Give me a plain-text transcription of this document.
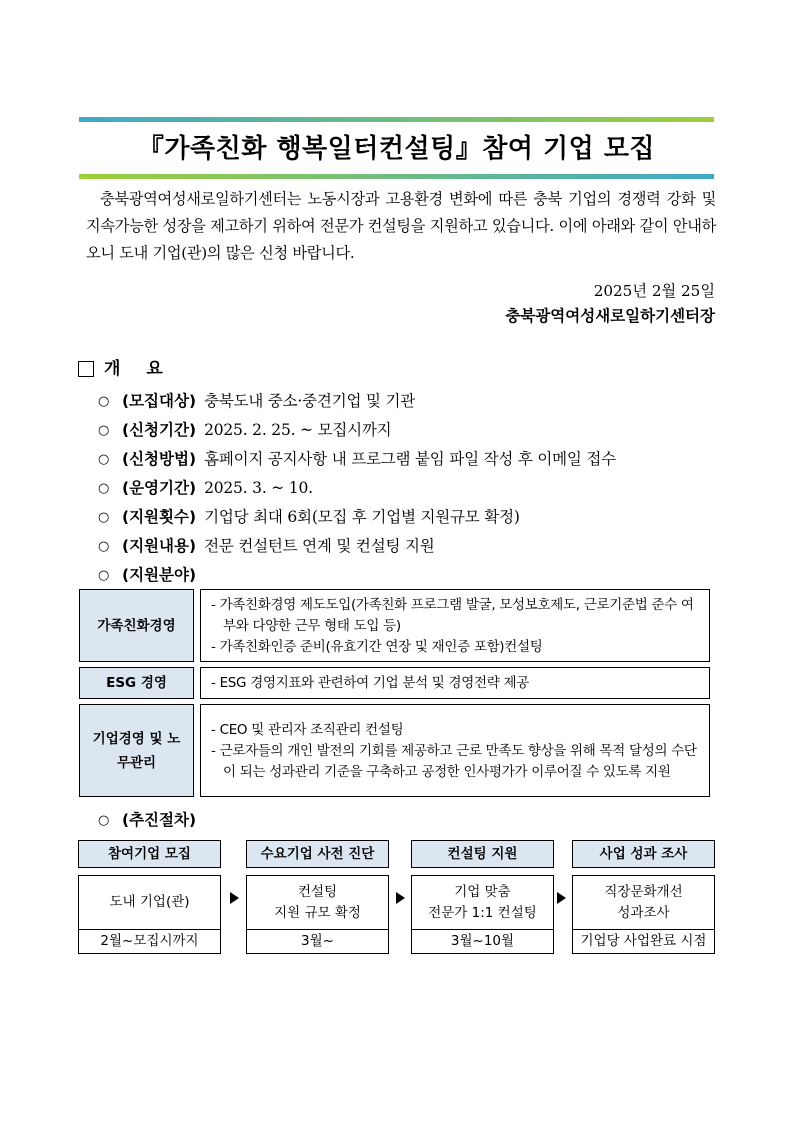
『가족친화 행복일터컨설팅』참여 기업 모집
충북광역여성새로일하기센터는 노동시장과 고용환경 변화에 따른 충북 기업의 경쟁력 강화 및 지속가능한 성장을 제고하기 위하여 전문가 컨설팅을 지원하고 있습니다. 이에 아래와 같이 안내하오니 도내 기업(관)의 많은 신청 바랍니다.
2025년 2월 25일
충북광역여성새로일하기센터장
개요
○ (모집대상) 충북도내 중소·중견기업 및 기관
○ (신청기간) 2025. 2. 25. ~ 모집시까지
○ (신청방법) 홈페이지 공지사항 내 프로그램 붙임 파일 작성 후 이메일 접수
○ (운영기간) 2025. 3. ~ 10.
○ (지원횟수) 기업당 최대 6회(모집 후 기업별 지원규모 확정)
○ (지원내용) 전문 컨설턴트 연계 및 컨설팅 지원
○ (지원분야)
가족친화경영
- 가족친화경영 제도도입(가족친화 프로그램 발굴, 모성보호제도, 근로기준법 준수 여부와 다양한 근무 형태 도입 등)
- 가족친화인증 준비(유효기간 연장 및 재인증 포함)컨설팅
ESG 경영	- ESG 경영지표와 관련하여 기업 분석 및 경영전략 제공
기업경영 및 노무관리
- CEO 및 관리자 조직관리 컨설팅
- 근로자들의 개인 발전의 기회를 제공하고 근로 만족도 향상을 위해 목적 달성의 수단이 되는 성과관리 기준을 구축하고 공정한 인사평가가 이루어질 수 있도록 지원
○ (추진절차)
참여기업 모집
도내 기업(관)
2월~모집시까지
수요기업 사전 진단
컨설팅
지원 규모 확정
3월~
컨설팅 지원
기업 맞춤
전문가 1:1 컨설팅
3월~10월
사업 성과 조사
직장문화개선
성과조사
기업당 사업완료 시점
